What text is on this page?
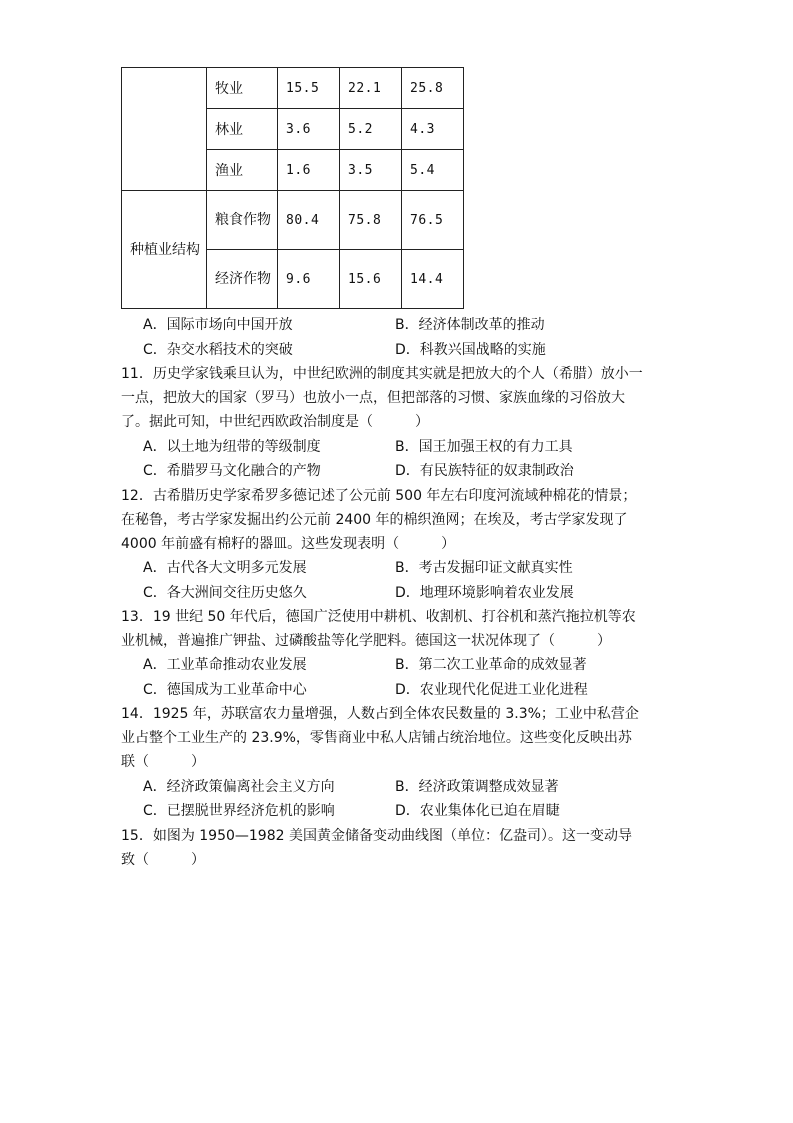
	牧业	15.5	22.1	25.8
	林业	3.6	5.2	4.3
	渔业	1.6	3.5	5.4
种植业结构	粮食作物	80.4	75.8	76.5
	经济作物	9.6	15.6	14.4
A．国际市场向中国开放	B．经济体制改革的推动
C．杂交水稻技术的突破	D．科教兴国战略的实施
11．历史学家钱乘旦认为，中世纪欧洲的制度其实就是把放大的个人（希腊）放小一
一点，把放大的国家（罗马）也放小一点，但把部落的习惯、家族血缘的习俗放大
了。据此可知，中世纪西欧政治制度是（　　　）
A．以土地为纽带的等级制度	B．国王加强王权的有力工具
C．希腊罗马文化融合的产物	D．有民族特征的奴隶制政治
12．古希腊历史学家希罗多德记述了公元前 500 年左右印度河流域种棉花的情景；
在秘鲁，考古学家发掘出约公元前 2400 年的棉织渔网；在埃及，考古学家发现了
4000 年前盛有棉籽的器皿。这些发现表明（　　　）
A．古代各大文明多元发展	B．考古发掘印证文献真实性
C．各大洲间交往历史悠久	D．地理环境影响着农业发展
13．19 世纪 50 年代后，德国广泛使用中耕机、收割机、打谷机和蒸汽拖拉机等农
业机械，普遍推广钾盐、过磷酸盐等化学肥料。德国这一状况体现了（　　　）
A．工业革命推动农业发展	B．第二次工业革命的成效显著
C．德国成为工业革命中心	D．农业现代化促进工业化进程
14．1925 年，苏联富农力量增强，人数占到全体农民数量的 3.3%；工业中私营企
业占整个工业生产的 23.9%，零售商业中私人店铺占统治地位。这些变化反映出苏
联（　　　）
A．经济政策偏离社会主义方向	B．经济政策调整成效显著
C．已摆脱世界经济危机的影响	D．农业集体化已迫在眉睫
15．如图为 1950—1982 美国黄金储备变动曲线图（单位：亿盎司）。这一变动导
致（　　　）
